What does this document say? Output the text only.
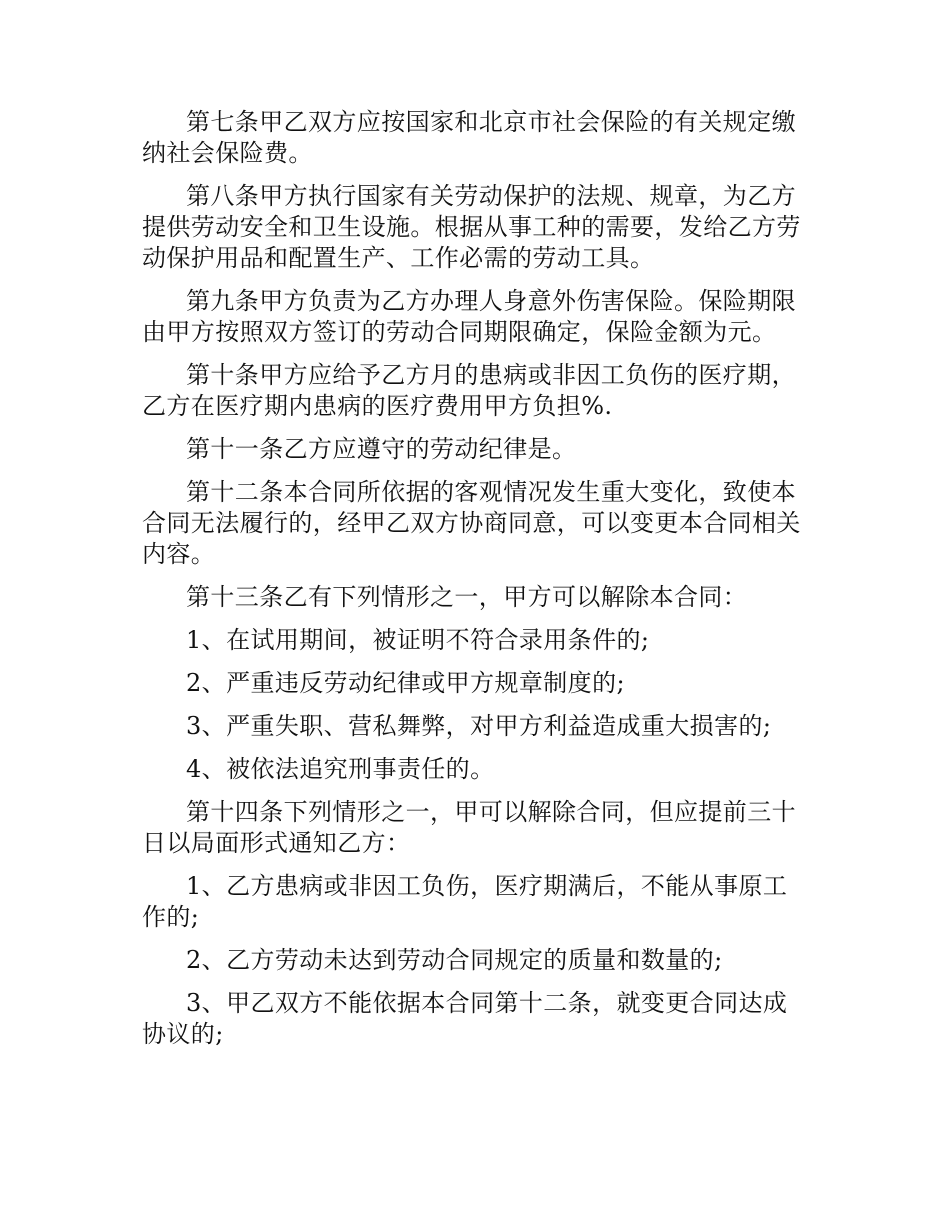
第七条甲乙双方应按国家和北京市社会保险的有关规定缴纳社会保险费。

第八条甲方执行国家有关劳动保护的法规、规章，为乙方提供劳动安全和卫生设施。根据从事工种的需要，发给乙方劳动保护用品和配置生产、工作必需的劳动工具。

第九条甲方负责为乙方办理人身意外伤害保险。保险期限由甲方按照双方签订的劳动合同期限确定，保险金额为元。

第十条甲方应给予乙方月的患病或非因工负伤的医疗期，乙方在医疗期内患病的医疗费用甲方负担%.

第十一条乙方应遵守的劳动纪律是。

第十二条本合同所依据的客观情况发生重大变化，致使本合同无法履行的，经甲乙双方协商同意，可以变更本合同相关内容。

第十三条乙有下列情形之一，甲方可以解除本合同：

1、在试用期间，被证明不符合录用条件的;

2、严重违反劳动纪律或甲方规章制度的;

3、严重失职、营私舞弊，对甲方利益造成重大损害的;

4、被依法追究刑事责任的。

第十四条下列情形之一，甲可以解除合同，但应提前三十日以局面形式通知乙方：

1、乙方患病或非因工负伤，医疗期满后，不能从事原工作的;

2、乙方劳动未达到劳动合同规定的质量和数量的;

3、甲乙双方不能依据本合同第十二条，就变更合同达成协议的;
